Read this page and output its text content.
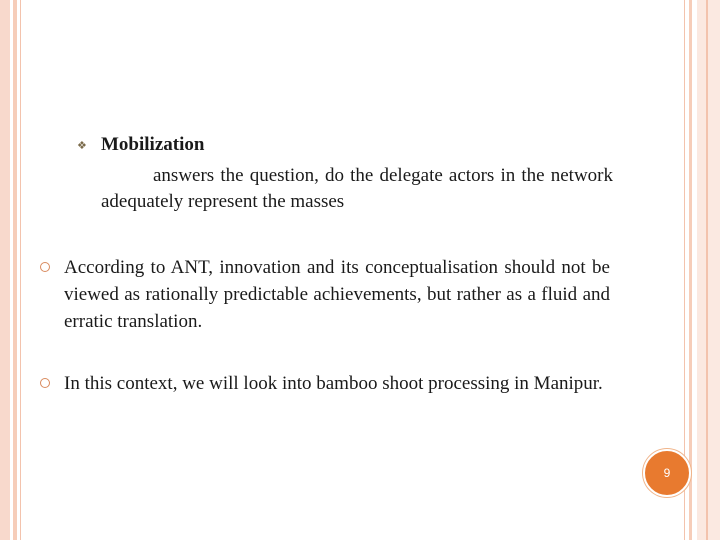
❖ Mobilization
answers the question, do the delegate actors in the network adequately represent the masses
According to ANT, innovation and its conceptualisation should not be viewed as rationally predictable achievements, but rather as a fluid and erratic translation.
In this context, we will look into bamboo shoot processing in Manipur.
9
